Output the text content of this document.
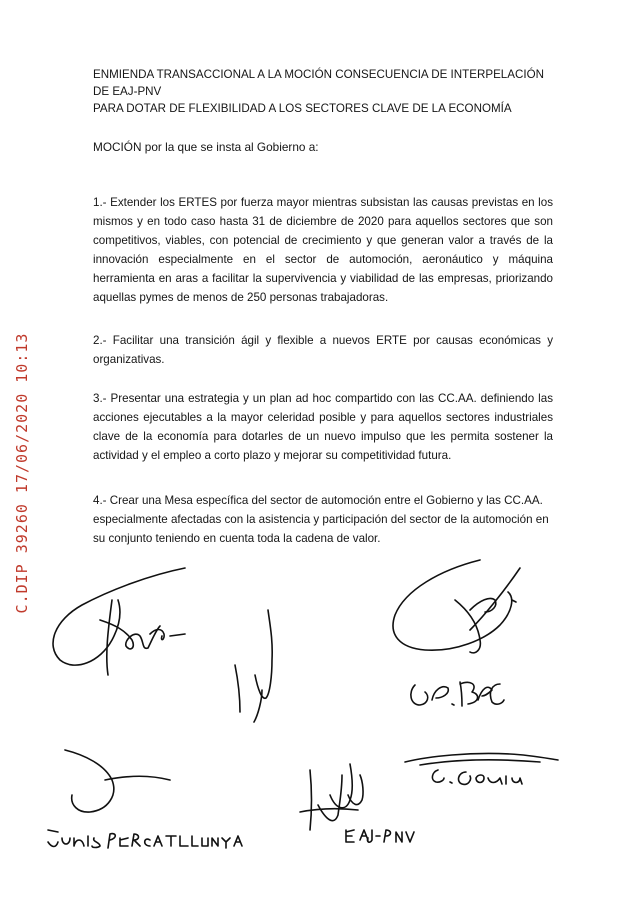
ENMIENDA TRANSACCIONAL A LA MOCIÓN CONSECUENCIA DE INTERPELACIÓN DE EAJ-PNV
PARA DOTAR DE FLEXIBILIDAD A LOS SECTORES CLAVE DE LA ECONOMÍA
MOCIÓN por la que se insta al Gobierno a:

1.- Extender los ERTES por fuerza mayor mientras subsistan las causas previstas en los mismos y en todo caso hasta 31 de diciembre de 2020 para aquellos sectores que son competitivos, viables, con potencial de crecimiento y que generan valor a través de la innovación especialmente en el sector de automoción, aeronáutico y máquina herramienta en aras a facilitar la supervivencia y viabilidad de las empresas, priorizando aquellas pymes de menos de 250 personas trabajadoras.

2.- Facilitar una transición ágil y flexible a nuevos ERTE por causas económicas y organizativas.

3.- Presentar una estrategia y un plan ad hoc compartido con las CC.AA. definiendo las acciones ejecutables a la mayor celeridad posible y para aquellos sectores industriales clave de la economía para dotarles de un nuevo impulso que les permita sostener la actividad y el empleo a corto plazo y mejorar su competitividad futura.

4.- Crear una Mesa específica del sector de automoción entre el Gobierno y las CC.AA. especialmente afectadas con la asistencia y participación del sector de la automoción en su conjunto teniendo en cuenta toda la cadena de valor.

C.DIP 39260 17/06/2020 10:13
